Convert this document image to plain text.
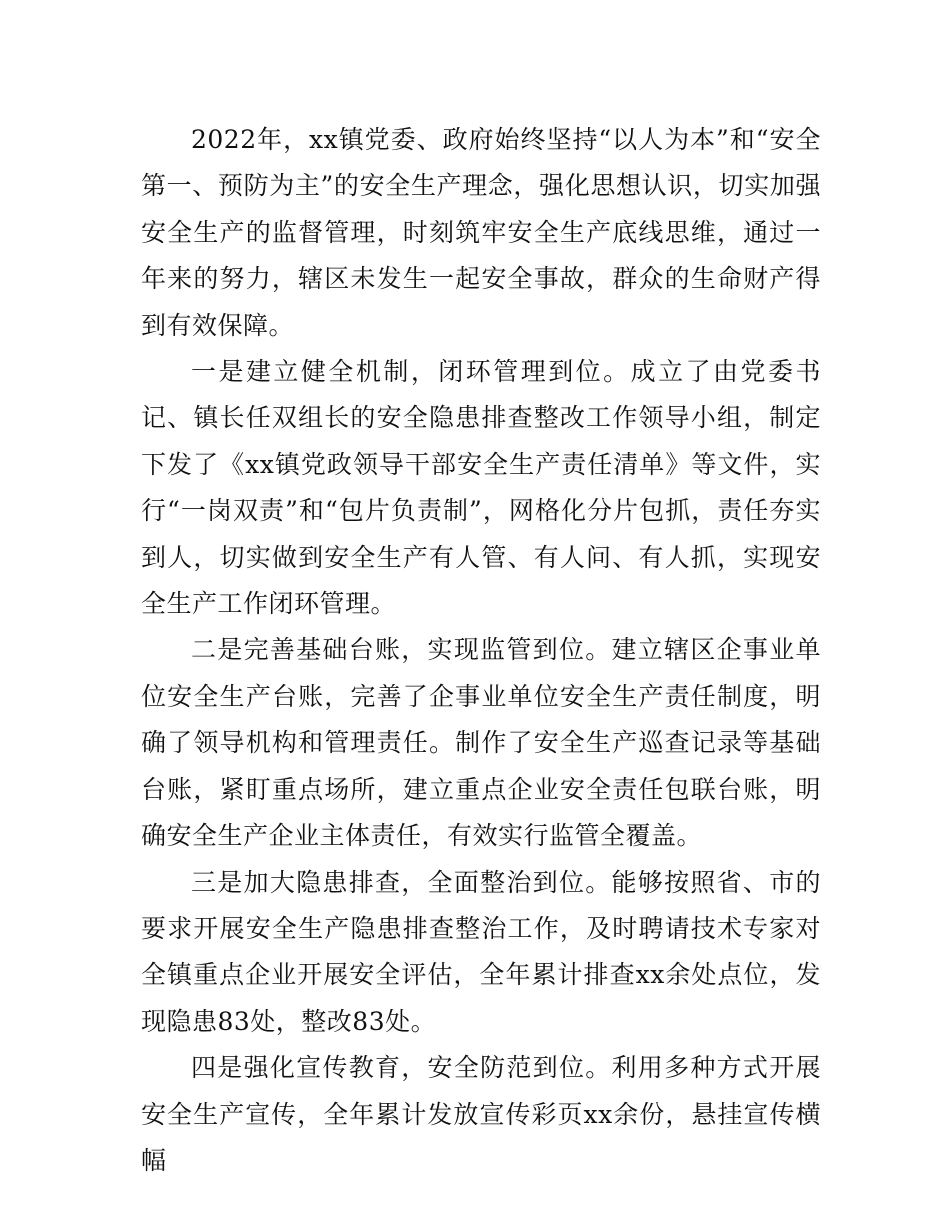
2022年，xx镇党委、政府始终坚持“以人为本”和“安全第一、预防为主”的安全生产理念，强化思想认识，切实加强安全生产的监督管理，时刻筑牢安全生产底线思维，通过一年来的努力，辖区未发生一起安全事故，群众的生命财产得到有效保障。

一是建立健全机制，闭环管理到位。成立了由党委书记、镇长任双组长的安全隐患排查整改工作领导小组，制定下发了《xx镇党政领导干部安全生产责任清单》等文件，实行“一岗双责”和“包片负责制”，网格化分片包抓，责任夯实到人，切实做到安全生产有人管、有人问、有人抓，实现安全生产工作闭环管理。

二是完善基础台账，实现监管到位。建立辖区企事业单位安全生产台账，完善了企事业单位安全生产责任制度，明确了领导机构和管理责任。制作了安全生产巡查记录等基础台账，紧盯重点场所，建立重点企业安全责任包联台账，明确安全生产企业主体责任，有效实行监管全覆盖。

三是加大隐患排查，全面整治到位。能够按照省、市的要求开展安全生产隐患排查整治工作，及时聘请技术专家对全镇重点企业开展安全评估，全年累计排查xx余处点位，发现隐患83处，整改83处。

四是强化宣传教育，安全防范到位。利用多种方式开展安全生产宣传，全年累计发放宣传彩页xx余份，悬挂宣传横幅
